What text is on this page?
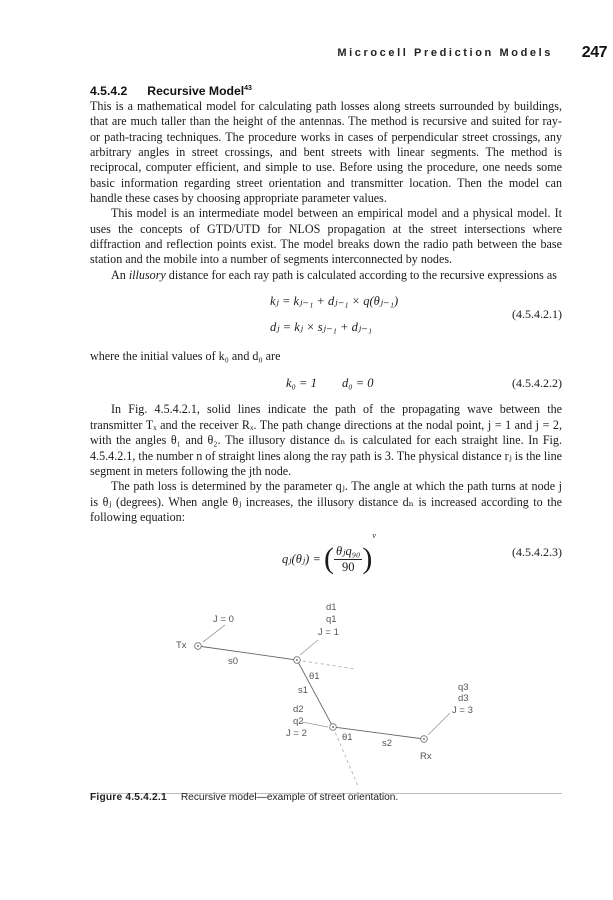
Microcell Prediction Models 247
4.5.4.2 Recursive Model$^{43}$

This is a mathematical model for calculating path losses along streets surrounded by buildings, that are much taller than the height of the antennas. The method is recursive and suited for ray- or path-tracing techniques. The procedure works in cases of perpendicular street crossings, any arbitrary angles in street crossings, and bent streets with linear segments. The method is reciprocal, computer efficient, and simple to use. Before using the procedure, one needs some basic information regarding street orientation and transmitter location. Then the model can handle these cases by choosing appropriate parameter values.

This model is an intermediate model between an empirical model and a physical model. It uses the concepts of GTD/UTD for NLOS propagation at the street intersections where diffraction and reflection points exist. The model breaks down the radio path between the base station and the mobile into a number of segments interconnected by nodes.

An illusory distance for each ray path is calculated according to the recursive expressions as

kⱼ = kⱼ₋₁ + dⱼ₋₁ × q(θⱼ₋₁)
dⱼ = kⱼ × sⱼ₋₁ + dⱼ₋₁
(4.5.4.2.1)

where the initial values of k₀ and d₀ are

k₀ = 1 d₀ = 0	(4.5.4.2.2)

In Fig. 4.5.4.2.1, solid lines indicate the path of the propagating wave between the transmitter Tₓ and the receiver Rₓ. The path change directions at the nodal point, j = 1 and j = 2, with the angles θ₁ and θ₂. The illusory distance dₙ is calculated for each straight line. In Fig. 4.5.4.2.1, the number n of straight lines along the ray path is 3. The physical distance rⱼ is the line segment in meters following the jth node.

The path loss is determined by the parameter qⱼ. The angle at which the path turns at node j is θⱼ (degrees). When angle θⱼ increases, the illusory distance dₙ is increased according to the following equation:

qⱼ(θⱼ) = ( $\frac{\text{θⱼq₉₀}}{90} )^\nu$
(4.5.4.2.3)
J = 0
Tx
s0
d1
q1
J = 1
θ1
s1
d2
q2
J = 2	θ1
s2
q3
d3
J = 3
Rx
Figure 4.5.4.2.1 Recursive model—example of street orientation.
